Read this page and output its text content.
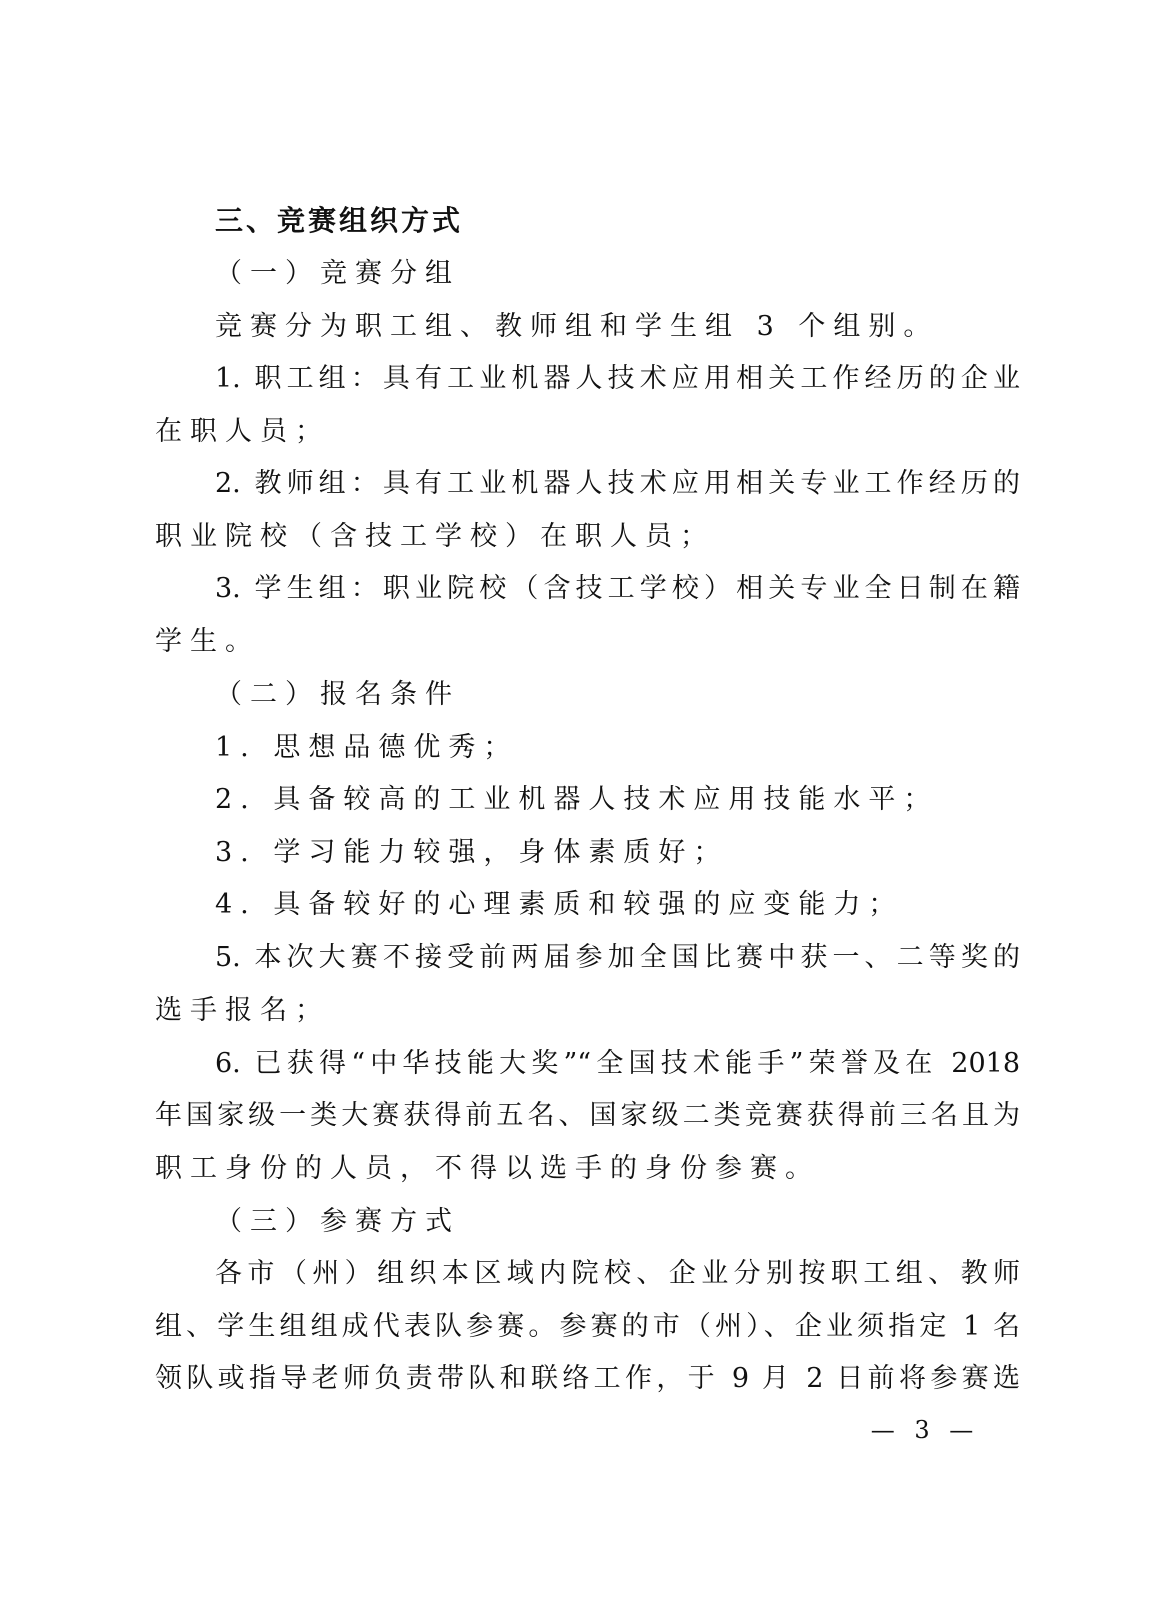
三、竞赛组织方式
（一）竞赛分组
竞赛分为职工组、教师组和学生组 3 个组别。
1. 职工组：具有工业机器人技术应用相关工作经历的企业
在职人员；
2. 教师组：具有工业机器人技术应用相关专业工作经历的
职业院校（含技工学校）在职人员；
3. 学生组：职业院校（含技工学校）相关专业全日制在籍
学生。
（二）报名条件
1. 思想品德优秀；
2. 具备较高的工业机器人技术应用技能水平；
3. 学习能力较强，身体素质好；
4. 具备较好的心理素质和较强的应变能力；
5. 本次大赛不接受前两届参加全国比赛中获一、二等奖的
选手报名；
6. 已获得“中华技能大奖”“全国技术能手”荣誉及在 2018
年国家级一类大赛获得前五名、国家级二类竞赛获得前三名且为
职工身份的人员，不得以选手的身份参赛。
（三）参赛方式
各市（州）组织本区域内院校、企业分别按职工组、教师
组、学生组组成代表队参赛。参赛的市（州）、企业须指定 1 名
领队或指导老师负责带队和联络工作，于 9 月 2 日前将参赛选
— 3 —
